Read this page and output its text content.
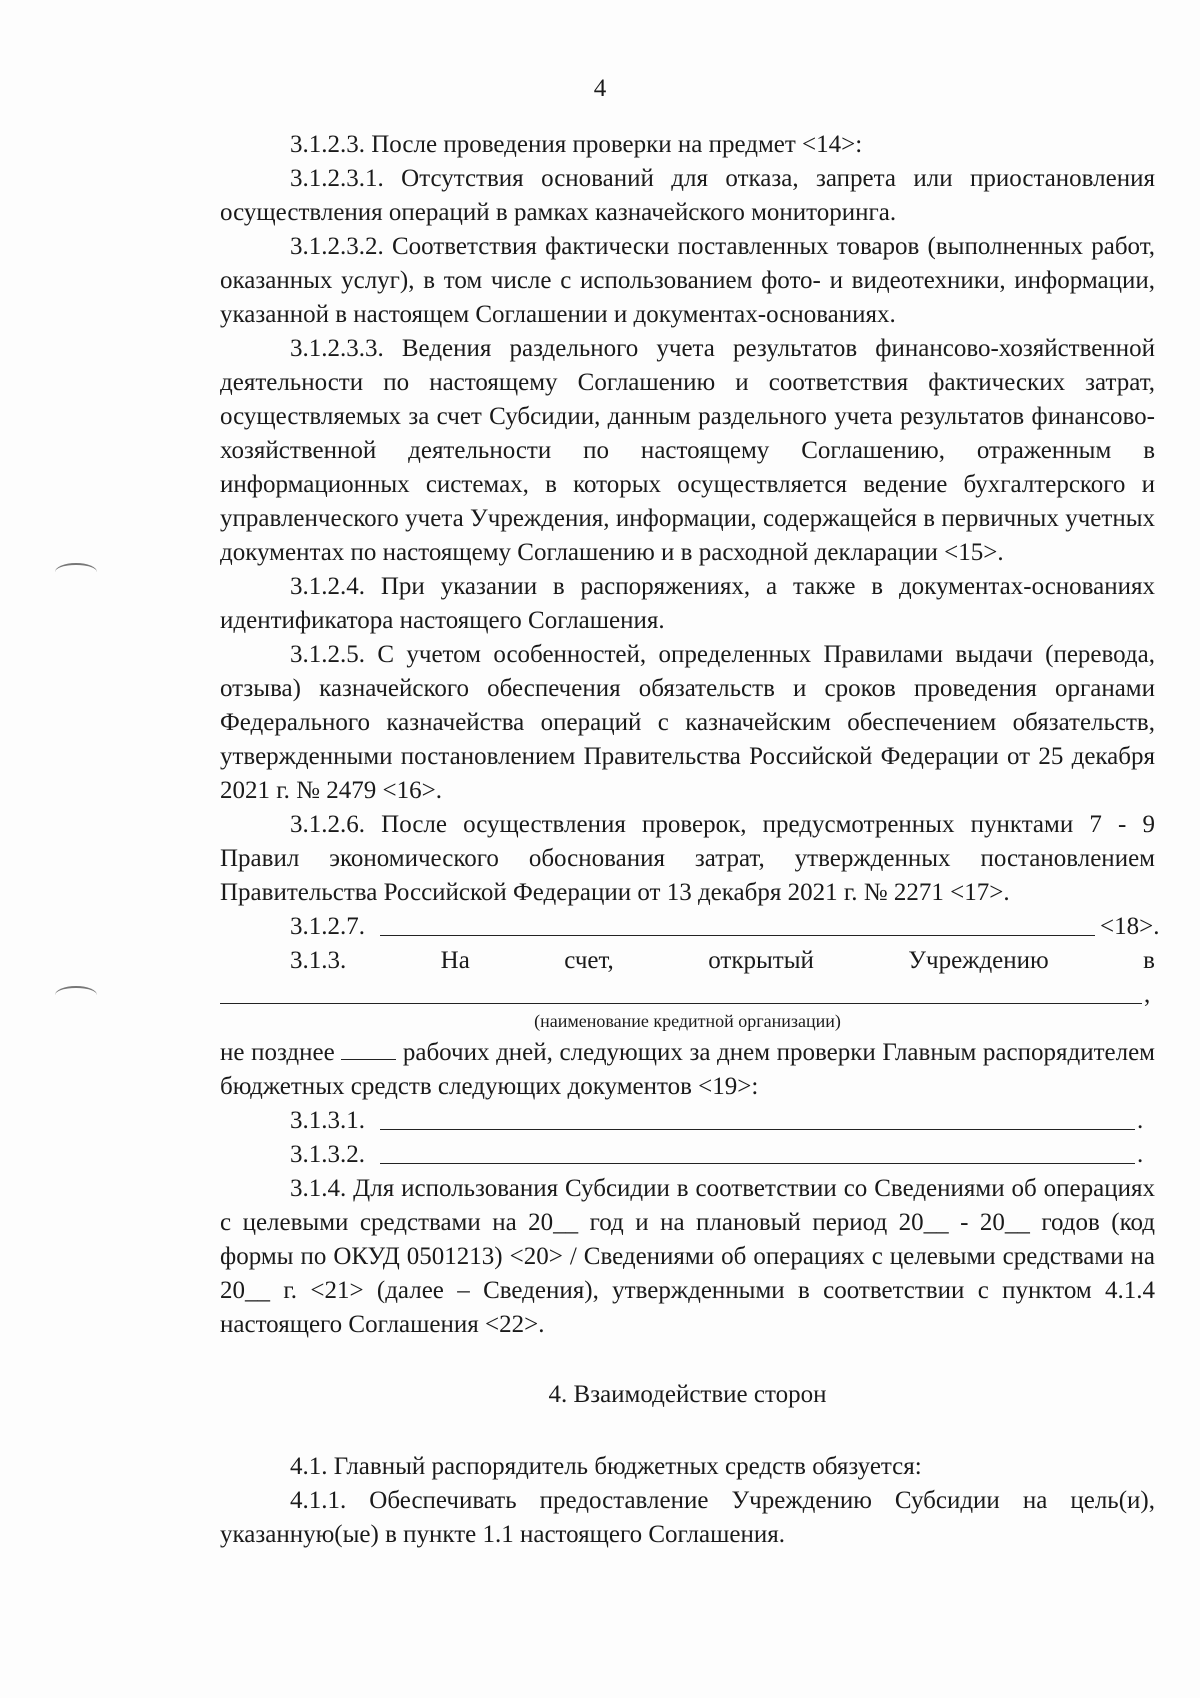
4

3.1.2.3. После проведения проверки на предмет <14>:

3.1.2.3.1. Отсутствия оснований для отказа, запрета или приостановления осуществления операций в рамках казначейского мониторинга.

3.1.2.3.2. Соответствия фактически поставленных товаров (выполненных работ, оказанных услуг), в том числе с использованием фото- и видеотехники, информации, указанной в настоящем Соглашении и документах-основаниях.

3.1.2.3.3. Ведения раздельного учета результатов финансово-хозяйственной деятельности по настоящему Соглашению и соответствия фактических затрат, осуществляемых за счет Субсидии, данным раздельного учета результатов финансово-хозяйственной деятельности по настоящему Соглашению, отраженным в информационных системах, в которых осуществляется ведение бухгалтерского и управленческого учета Учреждения, информации, содержащейся в первичных учетных документах по настоящему Соглашению и в расходной декларации <15>.

3.1.2.4. При указании в распоряжениях, а также в документах-основаниях идентификатора настоящего Соглашения.

3.1.2.5. С учетом особенностей, определенных Правилами выдачи (перевода, отзыва) казначейского обеспечения обязательств и сроков проведения органами Федерального казначейства операций с казначейским обеспечением обязательств, утвержденными постановлением Правительства Российской Федерации от 25 декабря 2021 г. № 2479 <16>.

3.1.2.6. После осуществления проверок, предусмотренных пунктами 7 - 9 Правил экономического обоснования затрат, утвержденных постановлением Правительства Российской Федерации от 13 декабря 2021 г. № 2271 <17>.

3.1.2.7.	<18>.
3.1.3.	На	счет,	открытый	Учреждению	в
,
(наименование кредитной организации)

не позднее	рабочих дней, следующих за днем проверки Главным распорядителем бюджетных средств следующих документов <19>:

3.1.3.1.	.
3.1.3.2.	.

3.1.4. Для использования Субсидии в соответствии со Сведениями об операциях с целевыми средствами на 20__ год и на плановый период 20__ - 20__ годов (код формы по ОКУД 0501213) <20> / Сведениями об операциях с целевыми средствами на 20__ г. <21> (далее – Сведения), утвержденными в соответствии с пунктом 4.1.4 настоящего Соглашения <22>.

4. Взаимодействие сторон

4.1. Главный распорядитель бюджетных средств обязуется:

4.1.1. Обеспечивать предоставление Учреждению Субсидии на цель(и), указанную(ые) в пункте 1.1 настоящего Соглашения.
